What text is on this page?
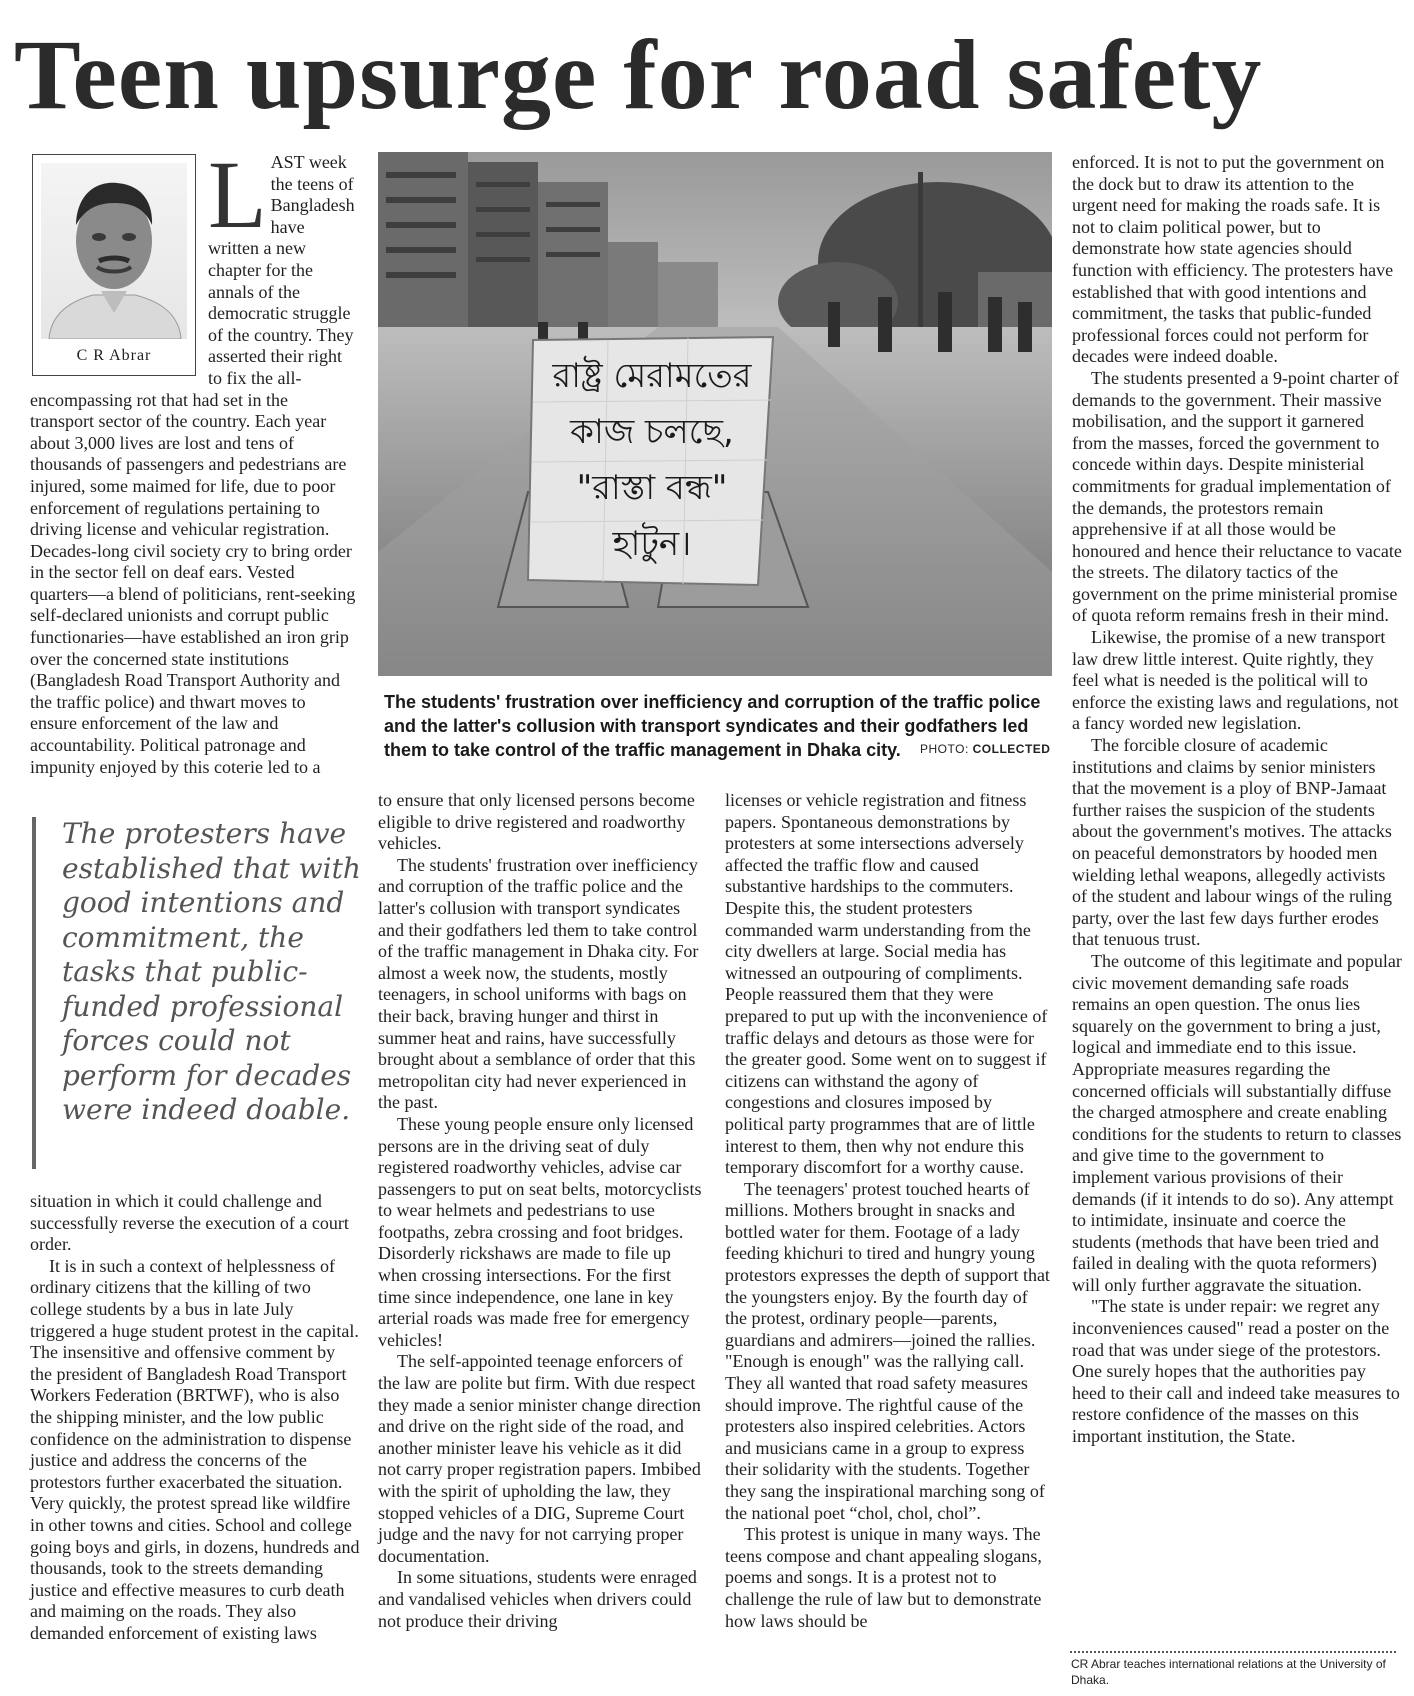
Teen upsurge for road safety
C R Abrar
L AST week the teens of Bangladesh have written a new chapter for the annals of the democratic struggle of the country. They asserted their right to fix the all-encompassing rot that had set in the transport sector of the country. Each year about 3,000 lives are lost and tens of thousands of passengers and pedestrians are injured, some maimed for life, due to poor enforcement of regulations pertaining to driving license and vehicular registration. Decades-long civil society cry to bring order in the sector fell on deaf ears. Vested quarters—a blend of politicians, rent-seeking self-declared unionists and corrupt public functionaries—have established an iron grip over the concerned state institutions (Bangladesh Road Transport Authority and the traffic police) and thwart moves to ensure enforcement of the law and accountability. Political patronage and impunity enjoyed by this coterie led to a

The protesters have established that with good intentions and commitment, the tasks that public-funded professional forces could not perform for decades were indeed doable.

situation in which it could challenge and successfully reverse the execution of a court order.

It is in such a context of helplessness of ordinary citizens that the killing of two college students by a bus in late July triggered a huge student protest in the capital. The insensitive and offensive comment by the president of Bangladesh Road Transport Workers Federation (BRTWF), who is also the shipping minister, and the low public confidence on the administration to dispense justice and address the concerns of the protestors further exacerbated the situation. Very quickly, the protest spread like wildfire in other towns and cities. School and college going boys and girls, in dozens, hundreds and thousands, took to the streets demanding justice and effective measures to curb death and maiming on the roads. They also demanded enforcement of existing laws

রাষ্ট্র মেরামতের কাজ চলছে, "রাস্তা বন্ধ" হাটুন।
The students' frustration over inefficiency and corruption of the traffic police and the latter's collusion with transport syndicates and their godfathers led them to take control of the traffic management in Dhaka city.	PHOTO: COLLECTED

to ensure that only licensed persons become eligible to drive registered and roadworthy vehicles.

The students' frustration over inefficiency and corruption of the traffic police and the latter's collusion with transport syndicates and their godfathers led them to take control of the traffic management in Dhaka city. For almost a week now, the students, mostly teenagers, in school uniforms with bags on their back, braving hunger and thirst in summer heat and rains, have successfully brought about a semblance of order that this metropolitan city had never experienced in the past.

These young people ensure only licensed persons are in the driving seat of duly registered roadworthy vehicles, advise car passengers to put on seat belts, motorcyclists to wear helmets and pedestrians to use footpaths, zebra crossing and foot bridges. Disorderly rickshaws are made to file up when crossing intersections. For the first time since independence, one lane in key arterial roads was made free for emergency vehicles!

The self-appointed teenage enforcers of the law are polite but firm. With due respect they made a senior minister change direction and drive on the right side of the road, and another minister leave his vehicle as it did not carry proper registration papers. Imbibed with the spirit of upholding the law, they stopped vehicles of a DIG, Supreme Court judge and the navy for not carrying proper documentation.

In some situations, students were enraged and vandalised vehicles when drivers could not produce their driving

licenses or vehicle registration and fitness papers. Spontaneous demonstrations by protesters at some intersections adversely affected the traffic flow and caused substantive hardships to the commuters. Despite this, the student protesters commanded warm understanding from the city dwellers at large. Social media has witnessed an outpouring of compliments. People reassured them that they were prepared to put up with the inconvenience of traffic delays and detours as those were for the greater good. Some went on to suggest if citizens can withstand the agony of congestions and closures imposed by political party programmes that are of little interest to them, then why not endure this temporary discomfort for a worthy cause.

The teenagers' protest touched hearts of millions. Mothers brought in snacks and bottled water for them. Footage of a lady feeding khichuri to tired and hungry young protestors expresses the depth of support that the youngsters enjoy. By the fourth day of the protest, ordinary people—parents, guardians and admirers—joined the rallies. "Enough is enough" was the rallying call. They all wanted that road safety measures should improve. The rightful cause of the protesters also inspired celebrities. Actors and musicians came in a group to express their solidarity with the students. Together they sang the inspirational marching song of the national poet “chol, chol, chol”.

This protest is unique in many ways. The teens compose and chant appealing slogans, poems and songs. It is a protest not to challenge the rule of law but to demonstrate how laws should be

enforced. It is not to put the government on the dock but to draw its attention to the urgent need for making the roads safe. It is not to claim political power, but to demonstrate how state agencies should function with efficiency. The protesters have established that with good intentions and commitment, the tasks that public-funded professional forces could not perform for decades were indeed doable.

The students presented a 9-point charter of demands to the government. Their massive mobilisation, and the support it garnered from the masses, forced the government to concede within days. Despite ministerial commitments for gradual implementation of the demands, the protestors remain apprehensive if at all those would be honoured and hence their reluctance to vacate the streets. The dilatory tactics of the government on the prime ministerial promise of quota reform remains fresh in their mind.

Likewise, the promise of a new transport law drew little interest. Quite rightly, they feel what is needed is the political will to enforce the existing laws and regulations, not a fancy worded new legislation.

The forcible closure of academic institutions and claims by senior ministers that the movement is a ploy of BNP-Jamaat further raises the suspicion of the students about the government's motives. The attacks on peaceful demonstrators by hooded men wielding lethal weapons, allegedly activists of the student and labour wings of the ruling party, over the last few days further erodes that tenuous trust.

The outcome of this legitimate and popular civic movement demanding safe roads remains an open question. The onus lies squarely on the government to bring a just, logical and immediate end to this issue. Appropriate measures regarding the concerned officials will substantially diffuse the charged atmosphere and create enabling conditions for the students to return to classes and give time to the government to implement various provisions of their demands (if it intends to do so). Any attempt to intimidate, insinuate and coerce the students (methods that have been tried and failed in dealing with the quota reformers) will only further aggravate the situation.

"The state is under repair: we regret any inconveniences caused" read a poster on the road that was under siege of the protestors. One surely hopes that the authorities pay heed to their call and indeed take measures to restore confidence of the masses on this important institution, the State.

CR Abrar teaches international relations at the University of Dhaka.
